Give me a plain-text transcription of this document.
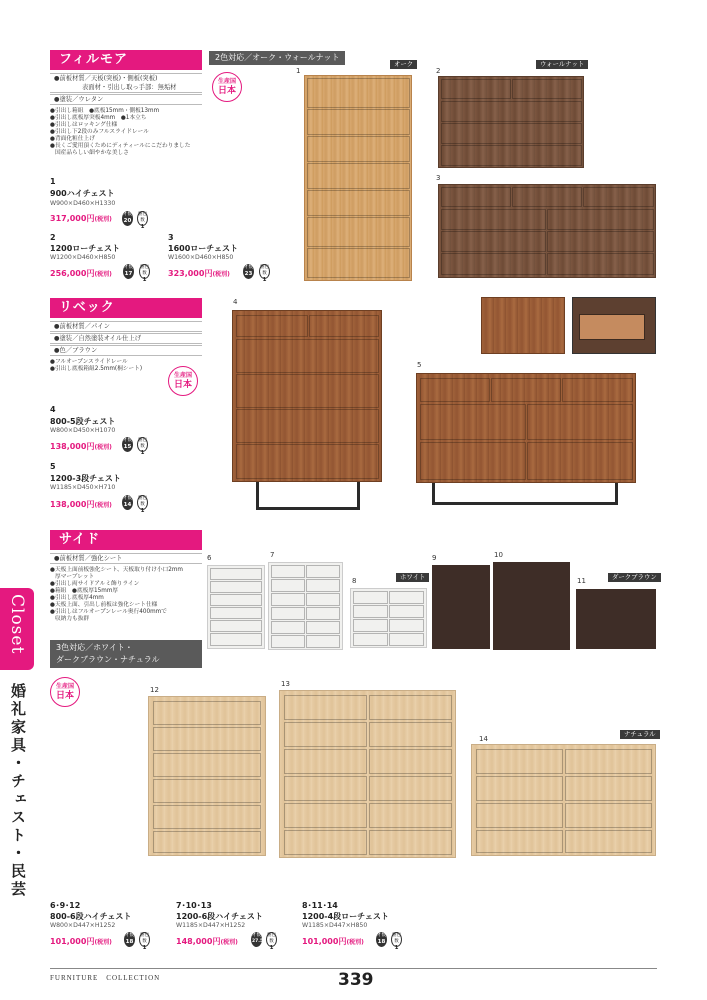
フィルモア
●前板材質／天板(突板)・側板(突板)
表面材・引出し取っ手部：無垢材
●塗装／ウレタン
●引出し箱組　●底板15mm・側板13mm
●引出し底板厚突板4mm　●1本立ち
●引出しはロッキング仕様
●引出し下2段のみフルスライドレール
●背面化粧仕上げ
●長くご愛用頂くためにディティールにこだわりました
国産品らしい細やかな美しさ
生産国
日本
2色対応／オーク・ウォールナット
1
オーク
2
ウォールナット
3
1
900ハイチェスト
W900×D460×H1330
317,000円(税別)
才数
20
梱包数
1
2
1200ローチェスト
W1200×D460×H850
256,000円(税別)
才数
17
梱包数
1
3
1600ローチェスト
W1600×D460×H850
323,000円(税別)
才数
23
梱包数
1
リベック
●前板材質／パイン
●塗装／自然塗装オイル仕上げ
●色／ブラウン
●フルオープンスライドレール
●引出し底板箱組2.5mm(桐シート)
生産国
日本
4
5
4
800-5段チェスト
W800×D450×H1070
138,000円(税別)
才数
15
梱包数
1
5
1200-3段チェスト
W1185×D450×H710
138,000円(税別)
才数
14
梱包数
1
サイド
●前板材質／強化シート
●天板上面前板強化シート、天板取り付け小口2mm
厚マーブレット
●引出し両サイドアルミ飾りライン
●箱組　●底板厚15mm厚
●引出し底板厚4mm
●天板上面、引出し前板は強化シート仕様
●引出しはフルオープンレール奥行400mmで
収納力も抜群
3色対応／ホワイト・
ダークブラウン・ナチュラル
生産国
日本
6	7
8	ホワイト
9	10
11	ダークブラウン
12
13
14
ナチュラル
6･9･12
800-6段ハイチェスト
W800×D447×H1252
101,000円(税別)
才数
18
梱包数
1
7･10･13
1200-6段ハイチェスト
W1185×D447×H1252
148,000円(税別)
才数
27.5
梱包数
1
8･11･14
1200-4段ローチェスト
W1185×D447×H850
101,000円(税別)
才数
18
梱包数
1
Closet
婚礼家具・チェスト・民芸
FURNITURE　COLLECTION	339
